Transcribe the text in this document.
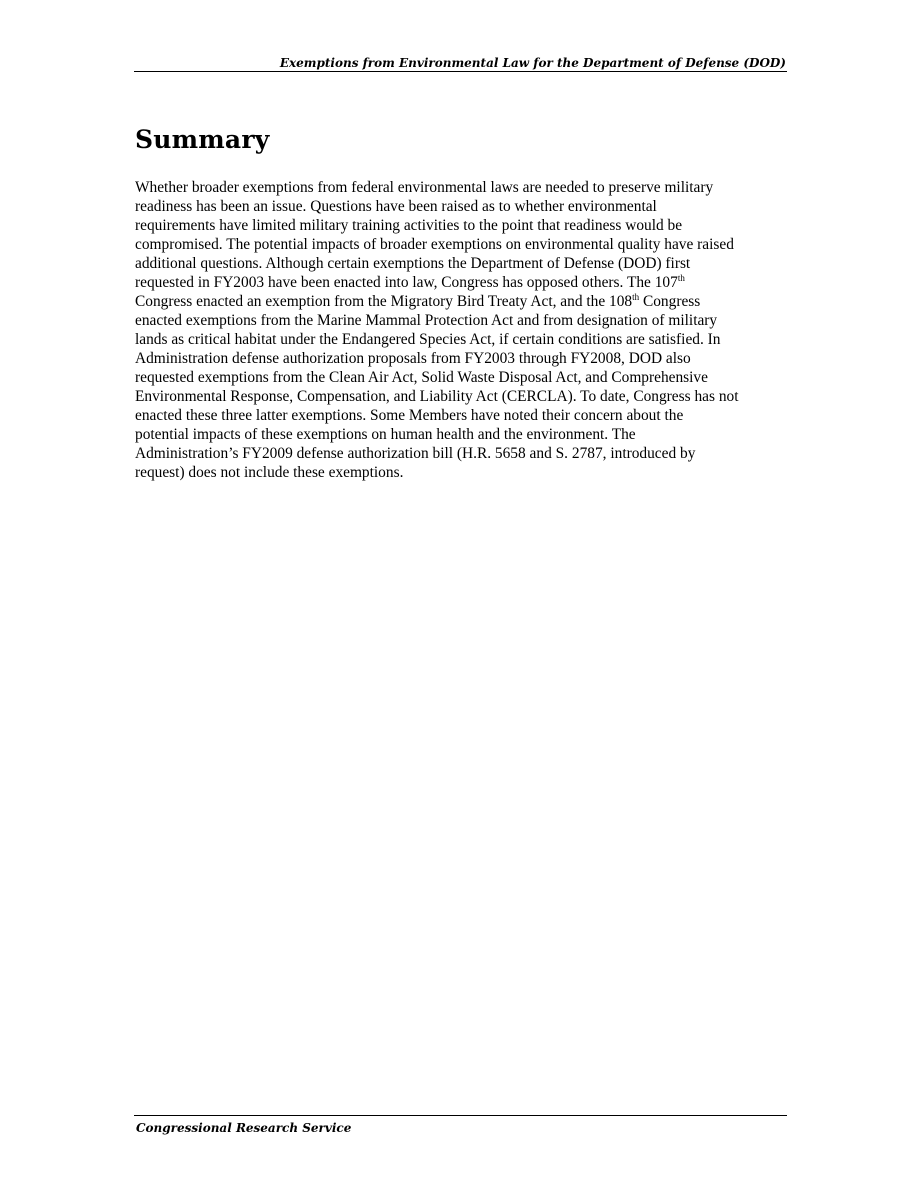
Exemptions from Environmental Law for the Department of Defense (DOD)
Summary
Whether broader exemptions from federal environmental laws are needed to preserve military
readiness has been an issue. Questions have been raised as to whether environmental
requirements have limited military training activities to the point that readiness would be
compromised. The potential impacts of broader exemptions on environmental quality have raised
additional questions. Although certain exemptions the Department of Defense (DOD) first
requested in FY2003 have been enacted into law, Congress has opposed others. The 107th
Congress enacted an exemption from the Migratory Bird Treaty Act, and the 108th Congress
enacted exemptions from the Marine Mammal Protection Act and from designation of military
lands as critical habitat under the Endangered Species Act, if certain conditions are satisfied. In
Administration defense authorization proposals from FY2003 through FY2008, DOD also
requested exemptions from the Clean Air Act, Solid Waste Disposal Act, and Comprehensive
Environmental Response, Compensation, and Liability Act (CERCLA). To date, Congress has not
enacted these three latter exemptions. Some Members have noted their concern about the
potential impacts of these exemptions on human health and the environment. The
Administration’s FY2009 defense authorization bill (H.R. 5658 and S. 2787, introduced by
request) does not include these exemptions.
Congressional Research Service
